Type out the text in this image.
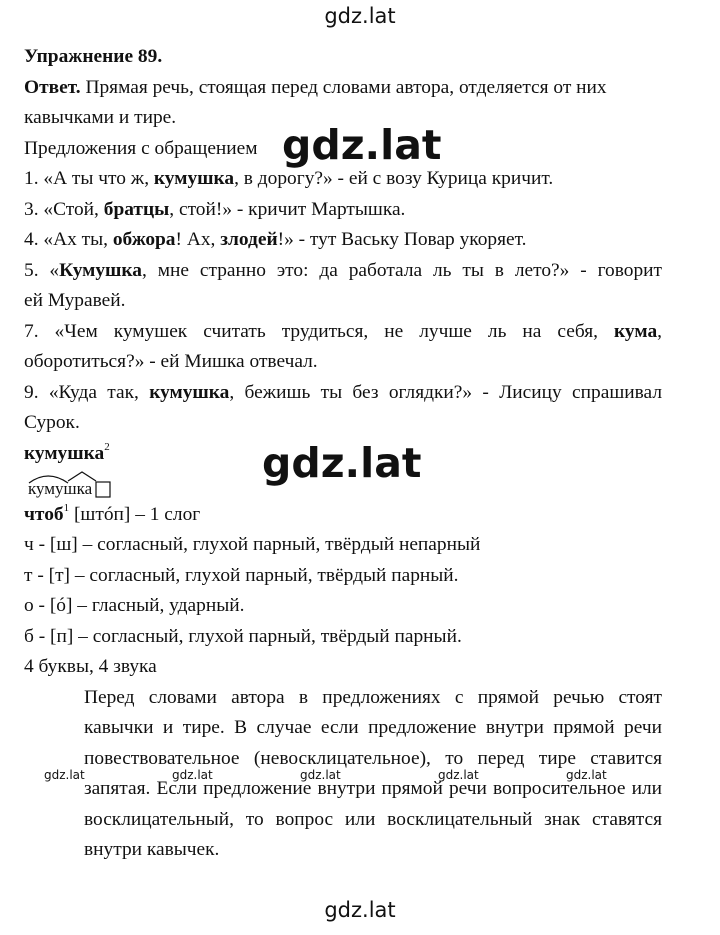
gdz.lat
gdz.lat
gdz.lat
gdz.lat	gdz.lat	gdz.lat	gdz.lat	gdz.lat
gdz.lat
Упражнение 89.
Ответ. Прямая речь, стоящая перед словами автора, отделяется от них
кавычками и тире.
Предложения с обращением
1. «А ты что ж, кумушка, в дорогу?» - ей с возу Курица кричит.
3. «Стой, братцы, стой!» - кричит Мартышка.
4. «Ах ты, обжора! Ах, злодей!» - тут Ваську Повар укоряет.
5. «Кумушка, мне странно это: да работала ль ты в лето?» - говорит
ей Муравей.
7. «Чем кумушек считать трудиться, не лучше ль на себя, кума,
оборотиться?» - ей Мишка отвечал.
9. «Куда так, кумушка, бежишь ты без оглядки?» - Лисицу спрашивал
Сурок.
кумушка$^2$
кумушка
чтоб$^1$ [штóп] – 1 слог
ч - [ш] – согласный, глухой парный, твёрдый непарный
т - [т] – согласный, глухой парный, твёрдый парный.
о - [ó] – гласный, ударный.
б - [п] – согласный, глухой парный, твёрдый парный.
4 буквы, 4 звука
Перед словами автора в предложениях с прямой речью стоят
кавычки и тире. В случае если предложение внутри прямой речи
повествовательное (невосклицательное), то перед тире ставится
запятая. Если предложение внутри прямой речи вопросительное или
восклицательный, то вопрос или восклицательный знак ставятся
внутри кавычек.
